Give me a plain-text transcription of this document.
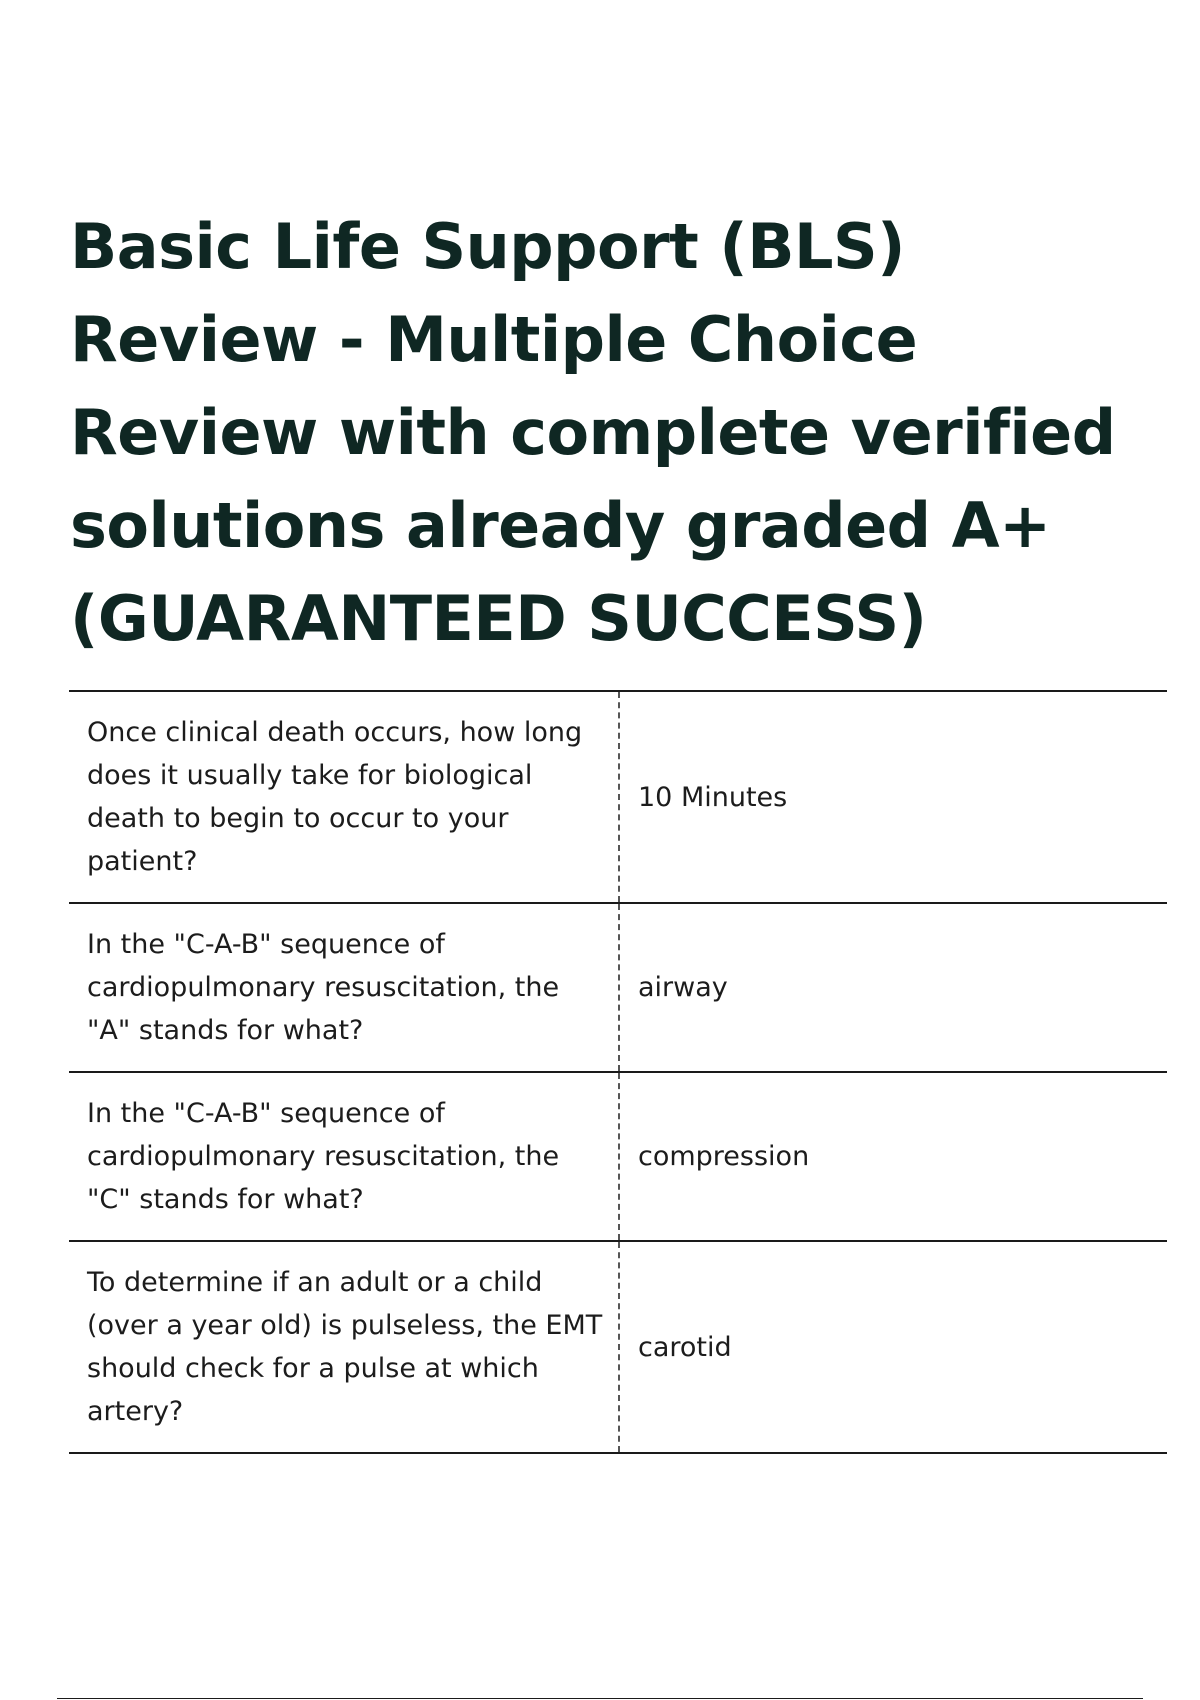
Basic Life Support (BLS) Review - Multiple Choice Review with complete verified solutions already graded A+ (GUARANTEED SUCCESS)
Once clinical death occurs, how long does it usually take for biological death to begin to occur to your patient?	10 Minutes
In the "C-A-B" sequence of cardiopulmonary resuscitation, the "A" stands for what?	airway
In the "C-A-B" sequence of cardiopulmonary resuscitation, the "C" stands for what?	compression
To determine if an adult or a child (over a year old) is pulseless, the EMT should check for a pulse at which artery?	carotid
